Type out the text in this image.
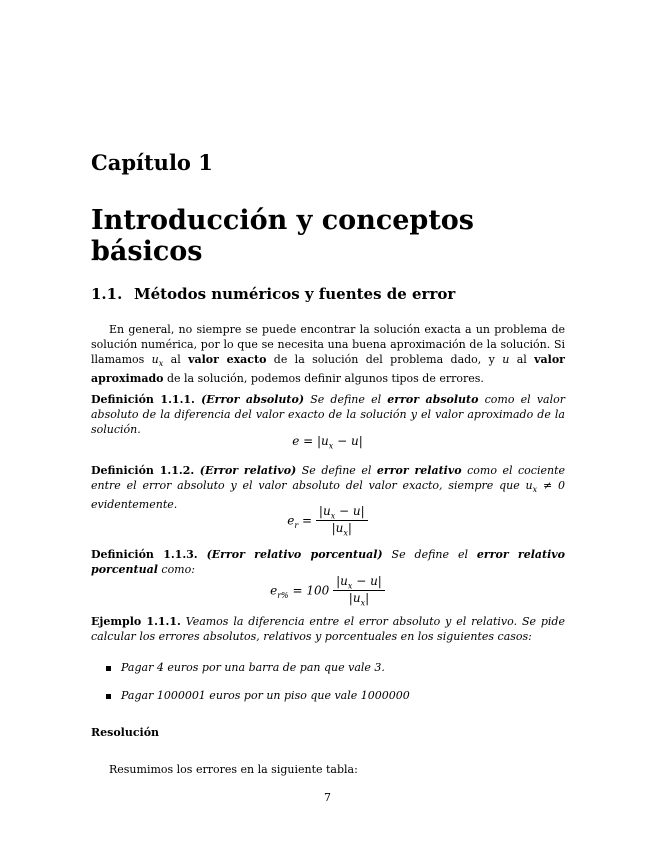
Capítulo 1
Introducción y conceptos básicos
1.1. Métodos numéricos y fuentes de error
En general, no siempre se puede encontrar la solución exacta a un problema de solución numérica, por lo que se necesita una buena aproximación de la solución. Si llamamos $u_x$ al valor exacto de la solución del problema dado, y u al valor aproximado de la solución, podemos definir algunos tipos de errores.
Definición 1.1.1. (Error absoluto) Se define el error absoluto como el valor absoluto de la diferencia del valor exacto de la solución y el valor aproximado de la solución.
$e = |u_x - u|$
Definición 1.1.2. (Error relativo) Se define el error relativo como el cociente entre el error absoluto y el valor absoluto del valor exacto, siempre que $u_x \ne 0$ evidentemente.
$e_r = \frac{|u_x - u|}{|u_x|}$
Definición 1.1.3. (Error relativo porcentual) Se define el error relativo porcentual como:
$e_{r\%} = 100 \frac{|u_x - u|}{|u_x|}$
Ejemplo 1.1.1. Veamos la diferencia entre el error absoluto y el relativo. Se pide calcular los errores absolutos, relativos y porcentuales en los siguientes casos:
Pagar 4 euros por una barra de pan que vale 3.
Pagar 1000001 euros por un piso que vale 1000000
Resolución
Resumimos los errores en la siguiente tabla:
7
